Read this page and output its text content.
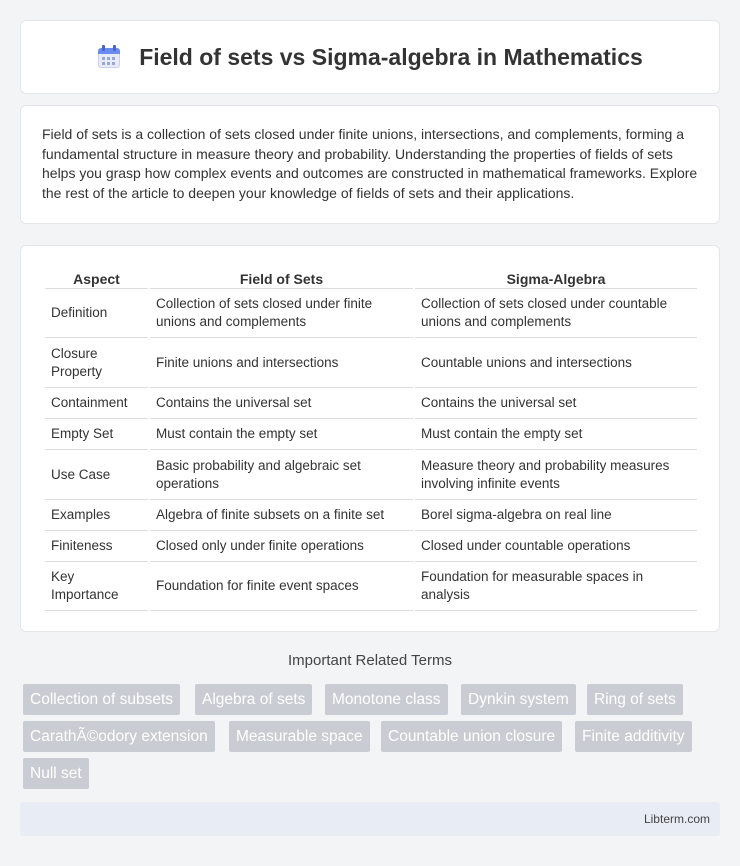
Field of sets vs Sigma-algebra in Mathematics

Field of sets is a collection of sets closed under finite unions, intersections, and complements, forming a fundamental structure in measure theory and probability. Understanding the properties of fields of sets helps you grasp how complex events and outcomes are constructed in mathematical frameworks. Explore the rest of the article to deepen your knowledge of fields of sets and their applications.

Aspect	Field of Sets	Sigma-Algebra
Definition	Collection of sets closed under finite unions and complements	Collection of sets closed under countable unions and complements
Closure Property	Finite unions and intersections	Countable unions and intersections
Containment	Contains the universal set	Contains the universal set
Empty Set	Must contain the empty set	Must contain the empty set
Use Case	Basic probability and algebraic set operations	Measure theory and probability measures involving infinite events
Examples	Algebra of finite subsets on a finite set	Borel sigma-algebra on real line
Finiteness	Closed only under finite operations	Closed under countable operations
Key Importance	Foundation for finite event spaces	Foundation for measurable spaces in analysis
Important Related Terms
Collection of subsets	Algebra of sets	Monotone class	Dynkin system	Ring of sets
CarathÃ©odory extension	Measurable space	Countable union closure	Finite additivity
Null set
Libterm.com
